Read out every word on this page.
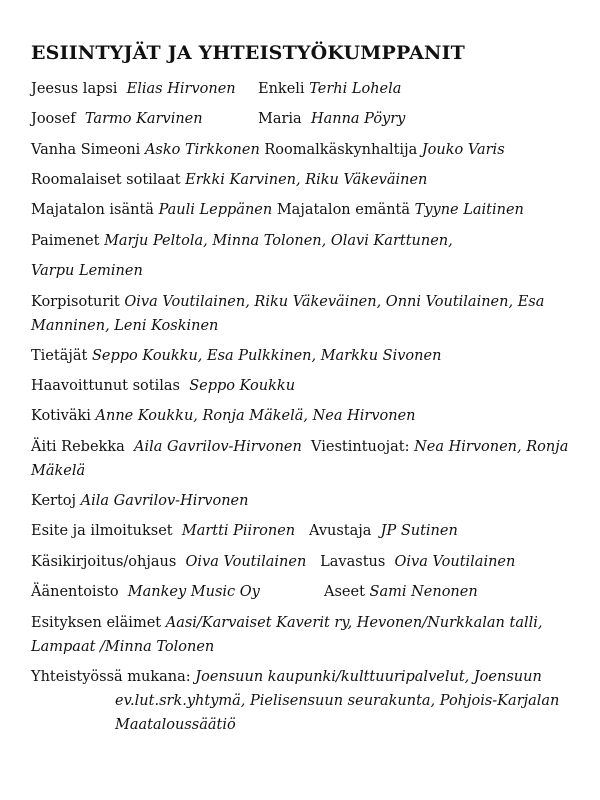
ESIINTYJÄT JA YHTEISTYÖKUMPPANIT
Jeesus lapsi Elias Hirvonen Enkeli Terhi Lohela
Joosef Tarmo Karvinen	Maria Hanna Pöyry
Vanha Simeoni Asko Tirkkonen Roomalkäskynhaltija Jouko Varis
Roomalaiset sotilaat Erkki Karvinen, Riku Väkeväinen
Majatalon isäntä Pauli Leppänen Majatalon emäntä Tyyne Laitinen
Paimenet Marju Peltola, Minna Tolonen, Olavi Karttunen,
Varpu Leminen
Korpisoturit Oiva Voutilainen, Riku Väkeväinen, Onni Voutilainen, Esa
Manninen, Leni Koskinen
Tietäjät Seppo Koukku, Esa Pulkkinen, Markku Sivonen
Haavoittunut sotilas Seppo Koukku
Kotiväki Anne Koukku, Ronja Mäkelä, Nea Hirvonen
Äiti Rebekka Aila Gavrilov-Hirvonen Viestintuojat: Nea Hirvonen, Ronja
Mäkelä
Kertoj Aila Gavrilov-Hirvonen
Esite ja ilmoitukset Martti Piironen Avustaja JP Sutinen
Käsikirjoitus/ohjaus Oiva Voutilainen Lavastus Oiva Voutilainen
Äänentoisto Mankey Music Oy	Aseet Sami Nenonen
Esityksen eläimet Aasi/Karvaiset Kaverit ry, Hevonen/Nurkkalan talli,
Lampaat /Minna Tolonen
Yhteistyössä mukana: Joensuun kaupunki/kulttuuripalvelut, Joensuun
ev.lut.srk.yhtymä, Pielisensuun seurakunta, Pohjois-Karjalan
Maataloussäätiö
